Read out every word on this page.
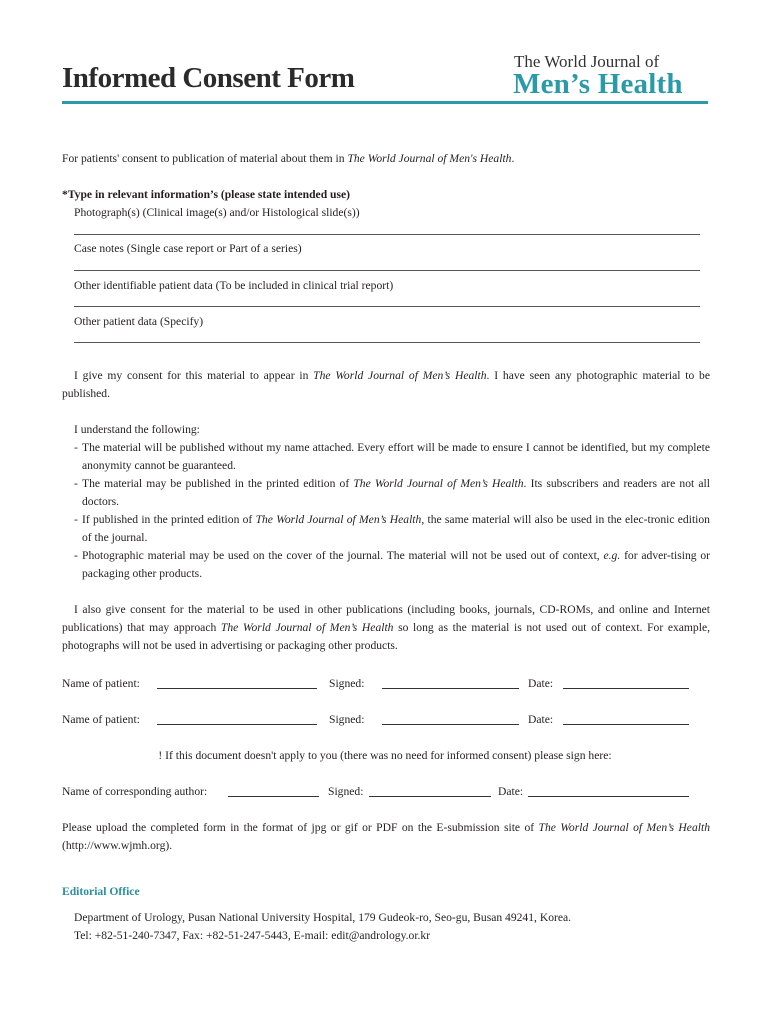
Informed Consent Form
The World Journal of
Men’s Health
For patients' consent to publication of material about them in The World Journal of Men's Health.
*Type in relevant information’s (please state intended use)
Photograph(s) (Clinical image(s) and/or Histological slide(s))
Case notes (Single case report or Part of a series)
Other identifiable patient data (To be included in clinical trial report)
Other patient data (Specify)
I give my consent for this material to appear in The World Journal of Men’s Health. I have seen any photographic material to be published.
I understand the following:
- The material will be published without my name attached. Every effort will be made to ensure I cannot be identified, but my complete anonymity cannot be guaranteed.
- The material may be published in the printed edition of The World Journal of Men’s Health. Its subscribers and readers are not all doctors.
- If published in the printed edition of The World Journal of Men’s Health, the same material will also be used in the elec-tronic edition of the journal.
- Photographic material may be used on the cover of the journal. The material will not be used out of context, e.g. for adver-tising or packaging other products.
I also give consent for the material to be used in other publications (including books, journals, CD-ROMs, and online and Internet publications) that may approach The World Journal of Men’s Health so long as the material is not used out of context. For example, photographs will not be used in advertising or packaging other products.
Name of patient:	Signed:	Date:
Name of patient:	Signed:	Date:
! If this document doesn't apply to you (there was no need for informed consent) please sign here:
Name of corresponding author:	Signed:	Date:
Please upload the completed form in the format of jpg or gif or PDF on the E-submission site of The World Journal of Men’s Health (http://www.wjmh.org).
Editorial Office
Department of Urology, Pusan National University Hospital, 179 Gudeok-ro, Seo-gu, Busan 49241, Korea.
Tel: +82-51-240-7347, Fax: +82-51-247-5443, E-mail: edit@andrology.or.kr
